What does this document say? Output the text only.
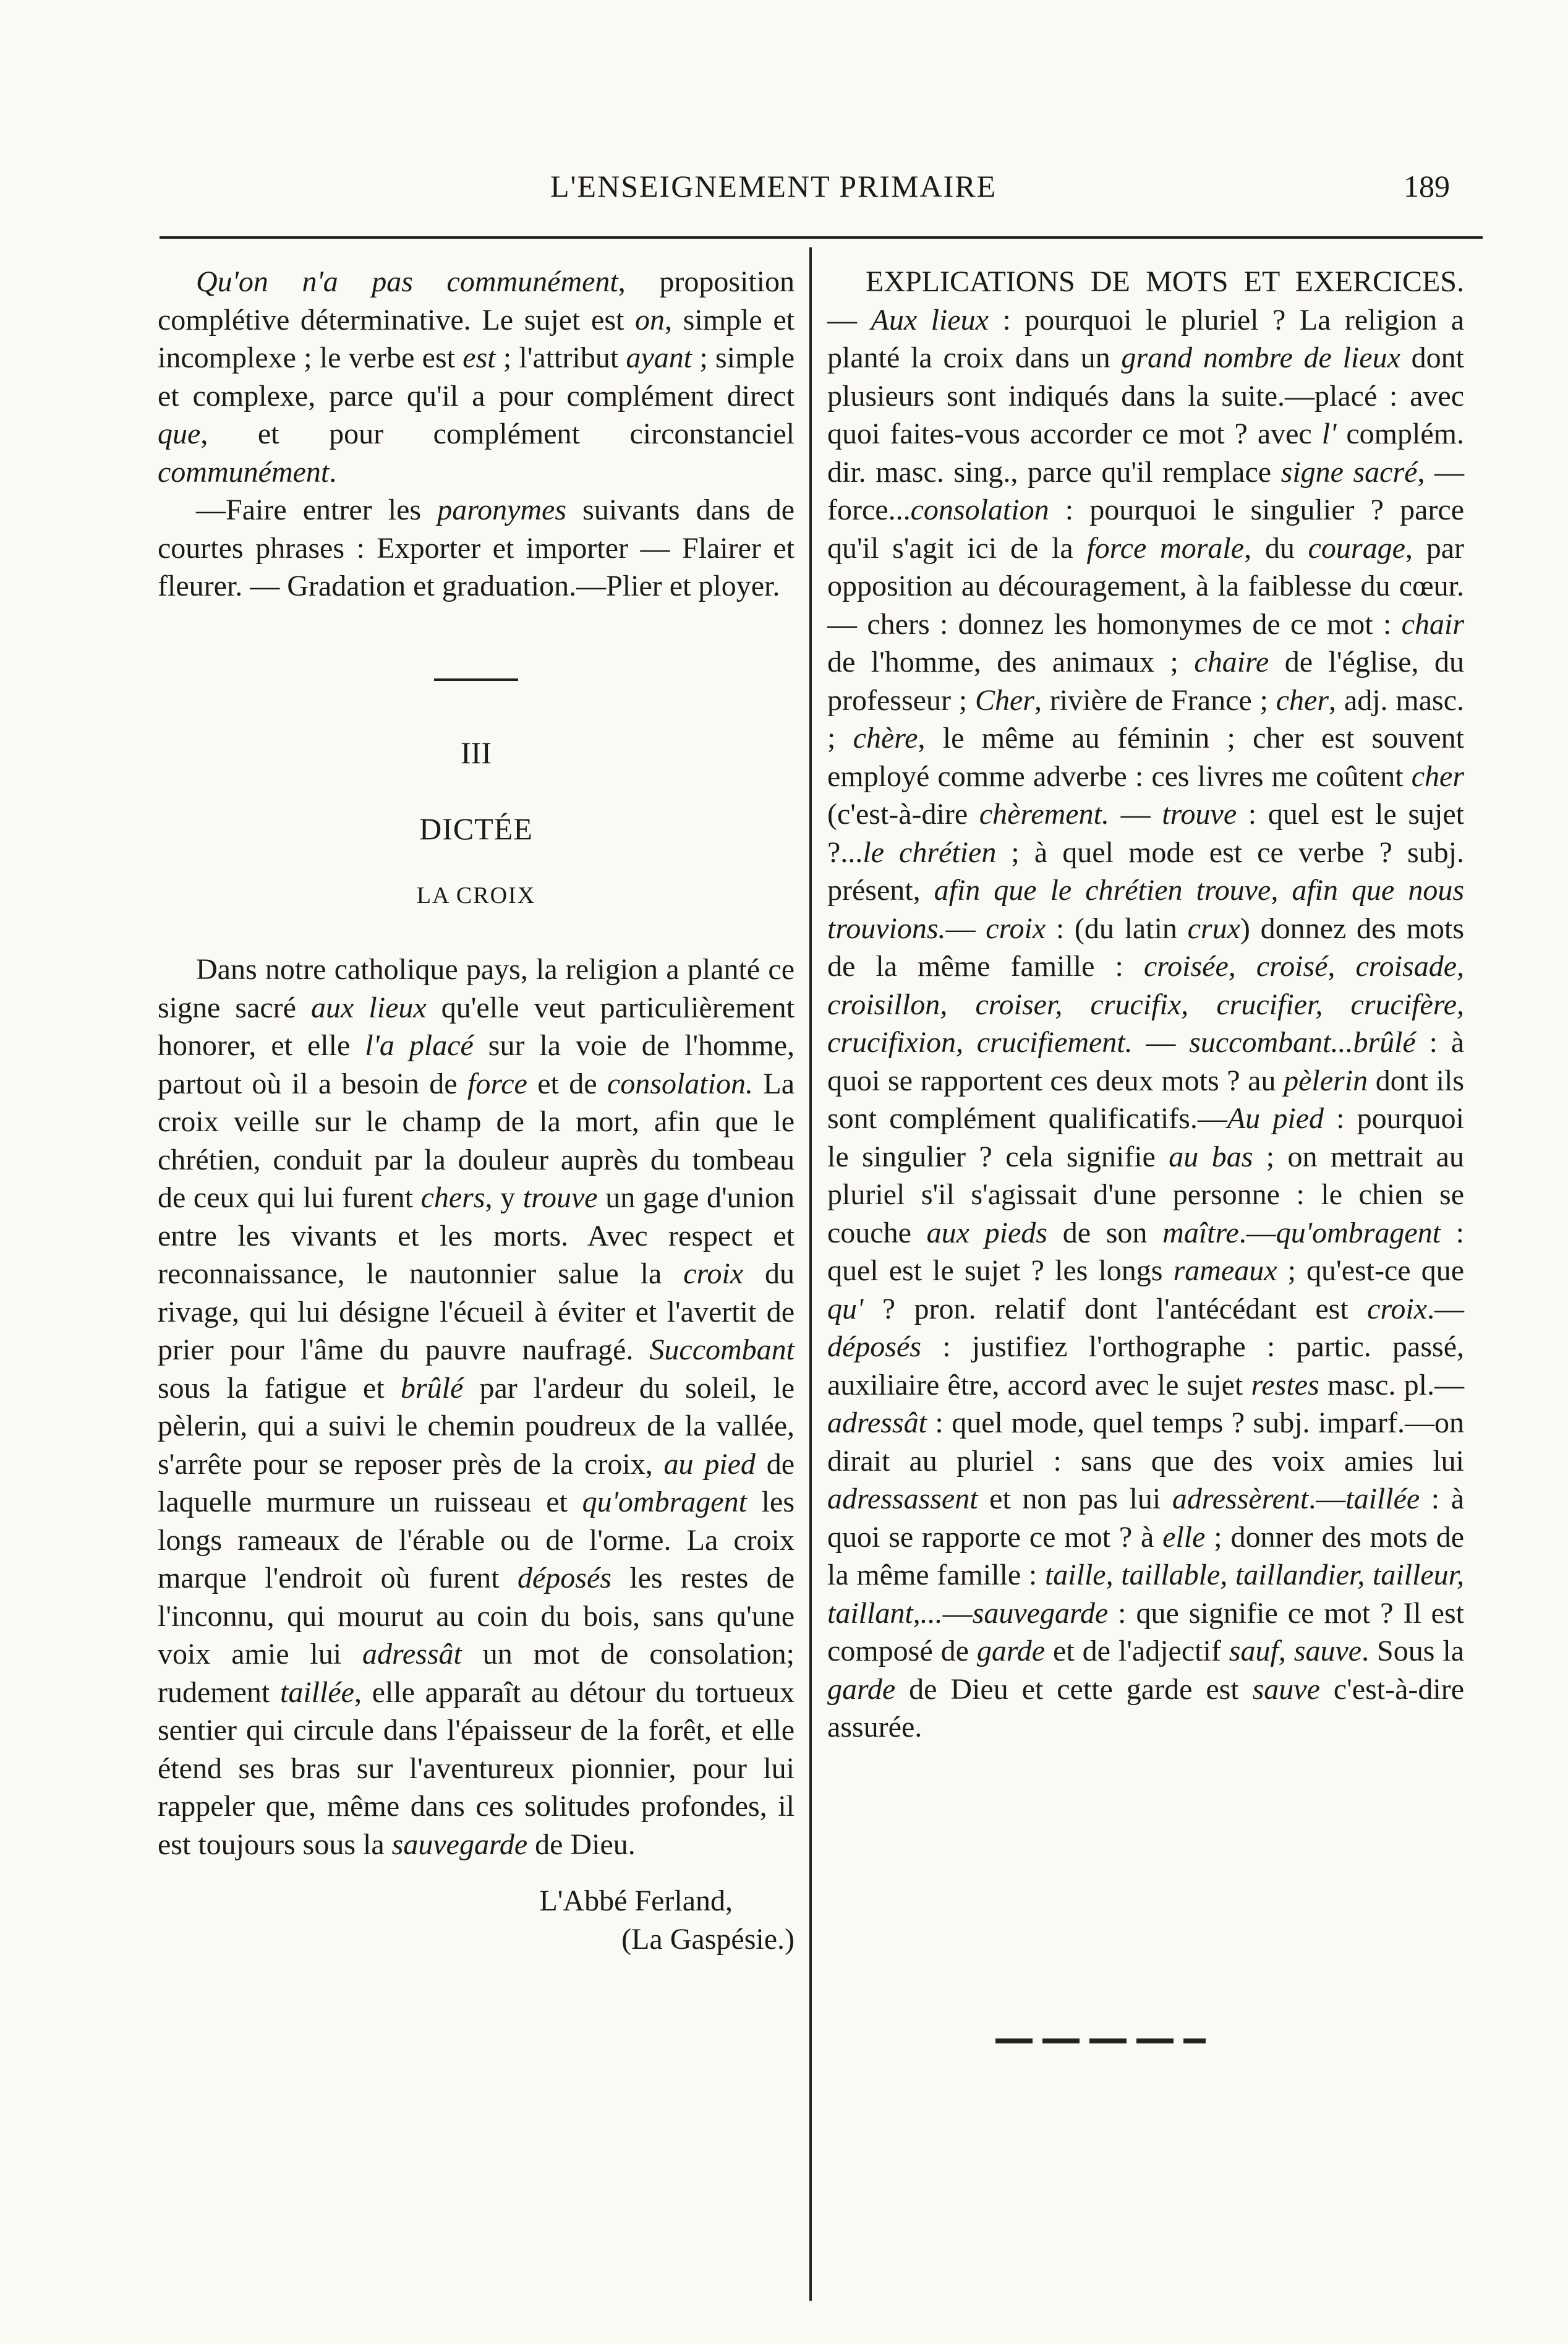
L'ENSEIGNEMENT PRIMAIRE	189

Qu'on n'a pas communément, proposition complétive déterminative. Le sujet est on, simple et incomplexe ; le verbe est est ; l'attribut ayant ; simple et complexe, parce qu'il a pour complément direct que, et pour complément circonstanciel communément.

—Faire entrer les paronymes suivants dans de courtes phrases : Exporter et importer — Flairer et fleurer. — Gradation et graduation.—Plier et ployer.

III

DICTÉE

LA CROIX

Dans notre catholique pays, la religion a planté ce signe sacré aux lieux qu'elle veut particulièrement honorer, et elle l'a placé sur la voie de l'homme, partout où il a besoin de force et de consolation. La croix veille sur le champ de la mort, afin que le chrétien, conduit par la douleur auprès du tombeau de ceux qui lui furent chers, y trouve un gage d'union entre les vivants et les morts. Avec respect et reconnaissance, le nautonnier salue la croix du rivage, qui lui désigne l'écueil à éviter et l'avertit de prier pour l'âme du pauvre naufragé. Succombant sous la fatigue et brûlé par l'ardeur du soleil, le pèlerin, qui a suivi le chemin poudreux de la vallée, s'arrête pour se reposer près de la croix, au pied de laquelle murmure un ruisseau et qu'ombragent les longs rameaux de l'érable ou de l'orme. La croix marque l'endroit où furent déposés les restes de l'inconnu, qui mourut au coin du bois, sans qu'une voix amie lui adressât un mot de consolation; rudement taillée, elle apparaît au détour du tortueux sentier qui circule dans l'épaisseur de la forêt, et elle étend ses bras sur l'aventureux pionnier, pour lui rappeler que, même dans ces solitudes profondes, il est toujours sous la sauvegarde de Dieu.

L'Abbé Ferland,

(La Gaspésie.)

EXPLICATIONS DE MOTS ET EXERCICES. — Aux lieux : pourquoi le pluriel ? La religion a planté la croix dans un grand nombre de lieux dont plusieurs sont indiqués dans la suite.—placé : avec quoi faites-vous accorder ce mot ? avec l' complém. dir. masc. sing., parce qu'il remplace signe sacré, — force...consolation : pourquoi le singulier ? parce qu'il s'agit ici de la force morale, du courage, par opposition au découragement, à la faiblesse du cœur.— chers : donnez les homonymes de ce mot : chair de l'homme, des animaux ; chaire de l'église, du professeur ; Cher, rivière de France ; cher, adj. masc. ; chère, le même au féminin ; cher est souvent employé comme adverbe : ces livres me coûtent cher (c'est-à-dire chèrement. — trouve : quel est le sujet ?...le chrétien ; à quel mode est ce verbe ? subj. présent, afin que le chrétien trouve, afin que nous trouvions.— croix : (du latin crux) donnez des mots de la même famille : croisée, croisé, croisade, croisillon, croiser, crucifix, crucifier, crucifère, crucifixion, crucifiement. — succombant...brûlé : à quoi se rapportent ces deux mots ? au pèlerin dont ils sont complément qualificatifs.—Au pied : pourquoi le singulier ? cela signifie au bas ; on mettrait au pluriel s'il s'agissait d'une personne : le chien se couche aux pieds de son maître.—qu'ombragent : quel est le sujet ? les longs rameaux ; qu'est-ce que qu' ? pron. relatif dont l'antécédant est croix.—déposés : justifiez l'orthographe : partic. passé, auxiliaire être, accord avec le sujet restes masc. pl.— adressât : quel mode, quel temps ? subj. imparf.—on dirait au pluriel : sans que des voix amies lui adressassent et non pas lui adressèrent.—taillée : à quoi se rapporte ce mot ? à elle ; donner des mots de la même famille : taille, taillable, taillandier, tailleur, taillant,...—sauvegarde : que signifie ce mot ? Il est composé de garde et de l'adjectif sauf, sauve. Sous la garde de Dieu et cette garde est sauve c'est-à-dire assurée.
